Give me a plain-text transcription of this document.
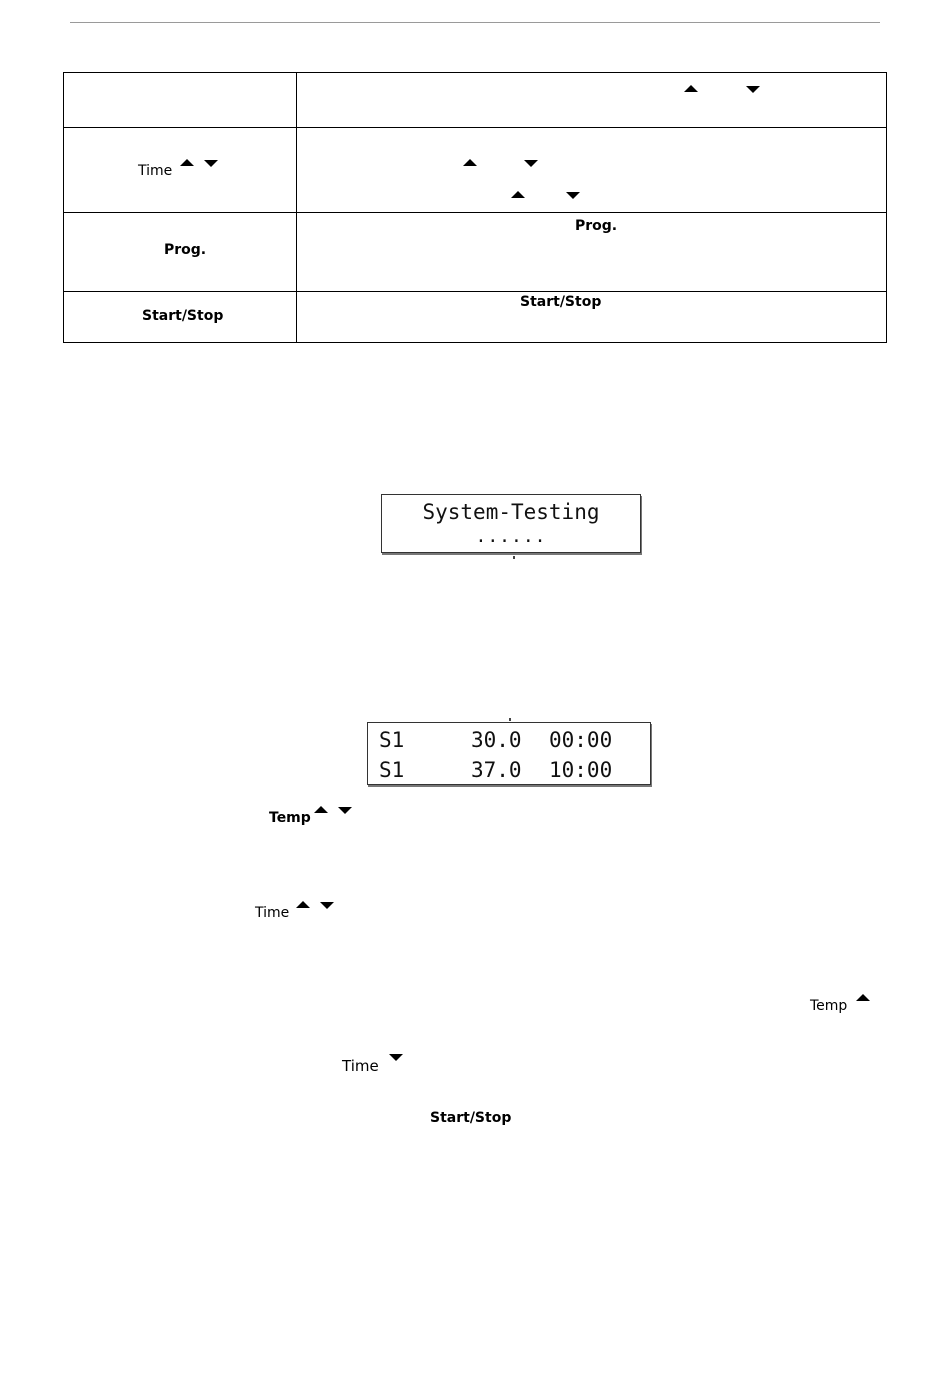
Time
Prog.
Prog.
Start/Stop
Start/Stop
System-Testing
......
S1	30.0 00:00
S1	37.0 10:00
Temp
Time
Temp
Time
Start/Stop
